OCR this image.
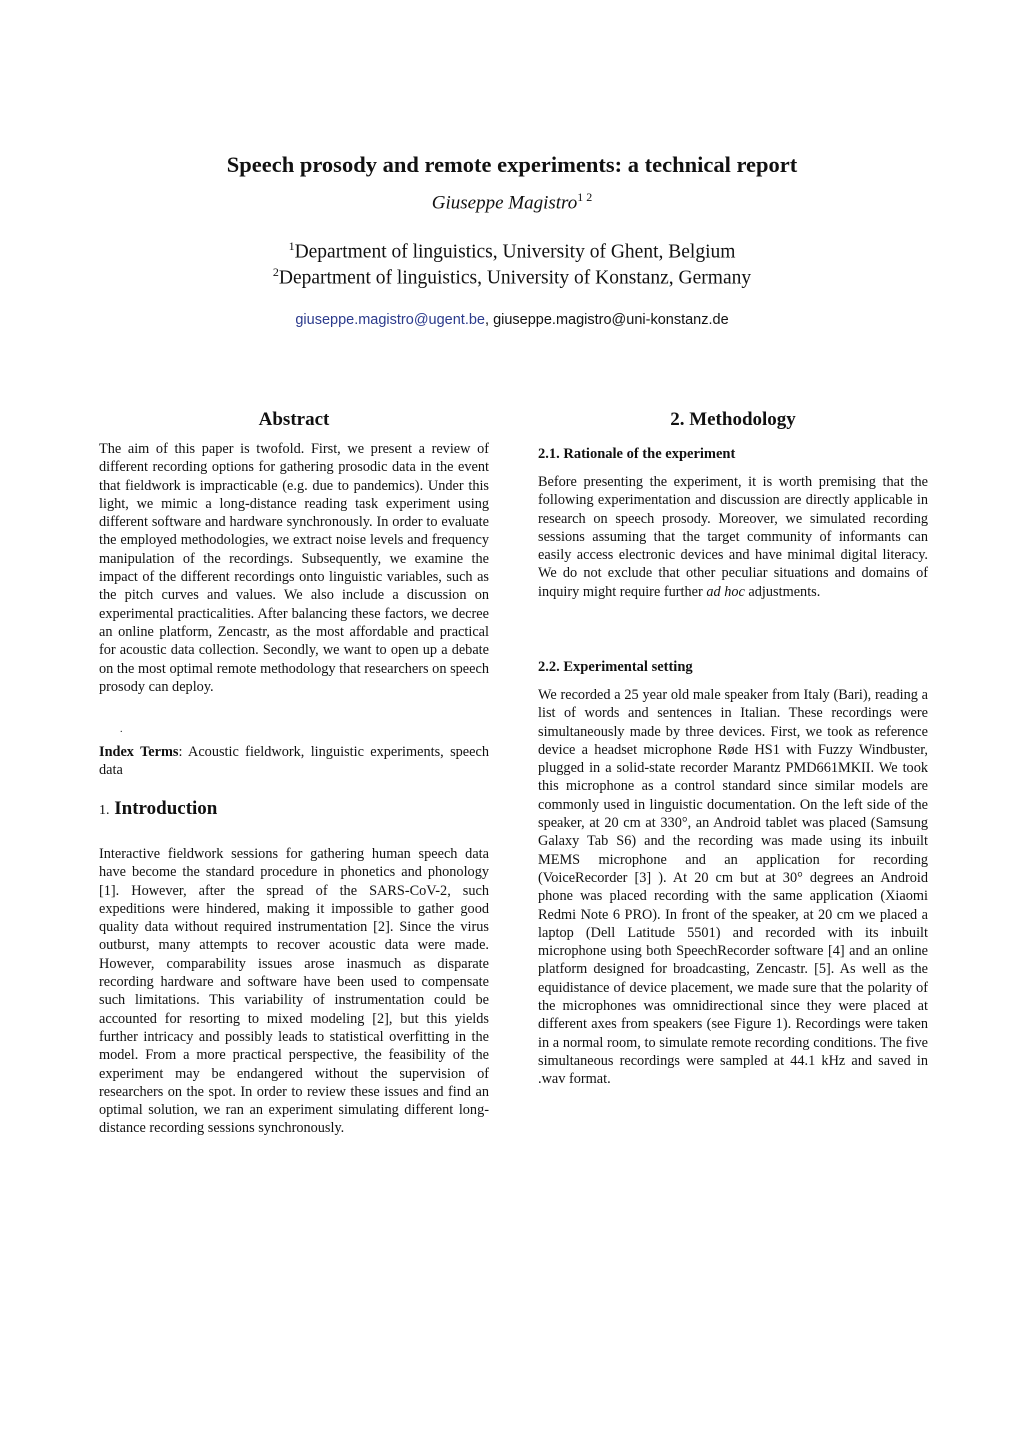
Speech prosody and remote experiments: a technical report
Giuseppe Magistro$^{1 2}$
$^1$Department of linguistics, University of Ghent, Belgium
$^2$Department of linguistics, University of Konstanz, Germany
giuseppe.magistro@ugent.be, giuseppe.magistro@uni-konstanz.de
Abstract

The aim of this paper is twofold. First, we present a review of different recording options for gathering prosodic data in the event that fieldwork is impracticable (e.g. due to pandemics). Under this light, we mimic a long-distance reading task experiment using different software and hardware synchronously. In order to evaluate the employed methodologies, we extract noise levels and frequency manipulation of the recordings. Subsequently, we examine the impact of the different recordings onto linguistic variables, such as the pitch curves and values. We also include a discussion on experimental practicalities. After balancing these factors, we decree an online platform, Zencastr, as the most affordable and practical for acoustic data collection. Secondly, we want to open up a debate on the most optimal remote methodology that researchers on speech prosody can deploy.

.

Index Terms: Acoustic fieldwork, linguistic experiments, speech data

1. Introduction

Interactive fieldwork sessions for gathering human speech data have become the standard procedure in phonetics and phonology [1]. However, after the spread of the SARS-CoV-2, such expeditions were hindered, making it impossible to gather good quality data without required instrumentation [2]. Since the virus outburst, many attempts to recover acoustic data were made. However, comparability issues arose inasmuch as disparate recording hardware and software have been used to compensate such limitations. This variability of instrumentation could be accounted for resorting to mixed modeling [2], but this yields further intricacy and possibly leads to statistical overfitting in the model. From a more practical perspective, the feasibility of the experiment may be endangered without the supervision of researchers on the spot. In order to review these issues and find an optimal solution, we ran an experiment simulating different long-distance recording sessions synchronously.

2. Methodology
2.1. Rationale of the experiment

Before presenting the experiment, it is worth premising that the following experimentation and discussion are directly applicable in research on speech prosody. Moreover, we simulated recording sessions assuming that the target community of informants can easily access electronic devices and have minimal digital literacy. We do not exclude that other peculiar situations and domains of inquiry might require further ad hoc adjustments.

2.2. Experimental setting

We recorded a 25 year old male speaker from Italy (Bari), reading a list of words and sentences in Italian. These recordings were simultaneously made by three devices. First, we took as reference device a headset microphone Røde HS1 with Fuzzy Windbuster, plugged in a solid-state recorder Marantz PMD661MKII. We took this microphone as a control standard since similar models are commonly used in linguistic documentation. On the left side of the speaker, at 20 cm at 330°, an Android tablet was placed (Samsung Galaxy Tab S6) and the recording was made using its inbuilt MEMS microphone and an application for recording (VoiceRecorder [3] ). At 20 cm but at 30° degrees an Android phone was placed recording with the same application (Xiaomi Redmi Note 6 PRO). In front of the speaker, at 20 cm we placed a laptop (Dell Latitude 5501) and recorded with its inbuilt microphone using both SpeechRecorder software [4] and an online platform designed for broadcasting, Zencastr. [5]. As well as the equidistance of device placement, we made sure that the polarity of the microphones was omnidirectional since they were placed at different axes from speakers (see Figure 1). Recordings were taken in a normal room, to simulate remote recording conditions. The five simultaneous recordings were sampled at 44.1 kHz and saved in .wav format.
